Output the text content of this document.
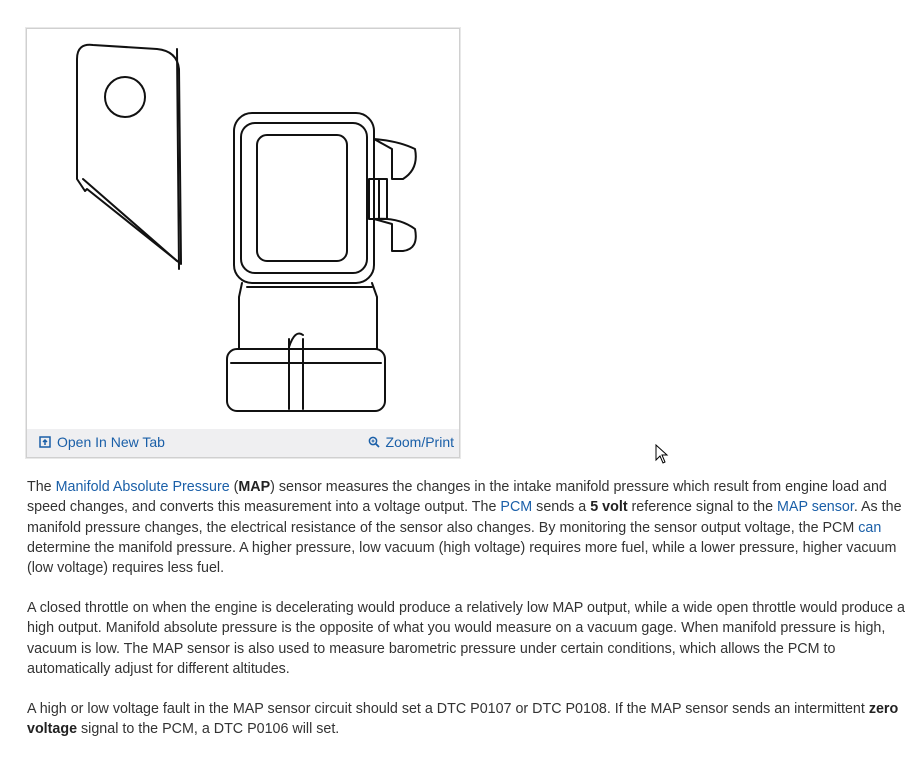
Open In New Tab	Zoom/Print

The Manifold Absolute Pressure (MAP) sensor measures the changes in the intake manifold pressure which result from engine load and speed changes, and converts this measurement into a voltage output. The PCM sends a 5 volt reference signal to the MAP sensor. As the manifold pressure changes, the electrical resistance of the sensor also changes. By monitoring the sensor output voltage, the PCM can determine the manifold pressure. A higher pressure, low vacuum (high voltage) requires more fuel, while a lower pressure, higher vacuum (low voltage) requires less fuel.

A closed throttle on when the engine is decelerating would produce a relatively low MAP output, while a wide open throttle would produce a high output. Manifold absolute pressure is the opposite of what you would measure on a vacuum gage. When manifold pressure is high, vacuum is low. The MAP sensor is also used to measure barometric pressure under certain conditions, which allows the PCM to automatically adjust for different altitudes.

A high or low voltage fault in the MAP sensor circuit should set a DTC P0107 or DTC P0108. If the MAP sensor sends an intermittent zero voltage signal to the PCM, a DTC P0106 will set.
